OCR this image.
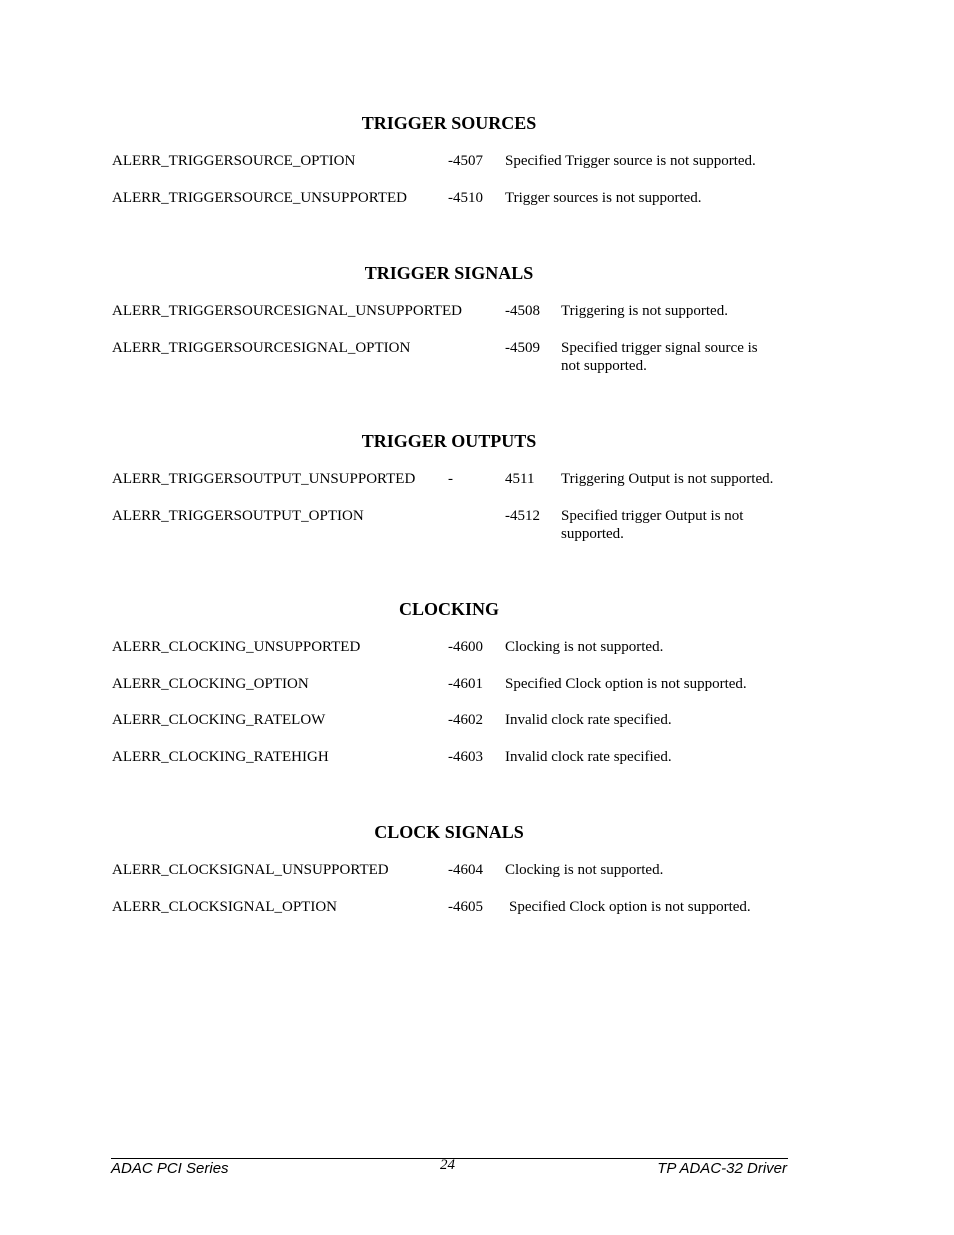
TRIGGER SOURCES
ALERR_TRIGGERSOURCE_OPTION	-4507 Specified Trigger source is not supported.
ALERR_TRIGGERSOURCE_UNSUPPORTED	-4510 Trigger sources is not supported.
TRIGGER SIGNALS
ALERR_TRIGGERSOURCESIGNAL_UNSUPPORTED	-4508 Triggering is not supported.
ALERR_TRIGGERSOURCESIGNAL_OPTION	-4509 Specified trigger signal source is not supported.
TRIGGER OUTPUTS
ALERR_TRIGGERSOUTPUT_UNSUPPORTED -	4511 Triggering Output is not supported.
ALERR_TRIGGERSOUTPUT_OPTION	-4512 Specified trigger Output is not supported.
CLOCKING
ALERR_CLOCKING_UNSUPPORTED	-4600 Clocking is not supported.
ALERR_CLOCKING_OPTION	-4601 Specified Clock option is not supported.
ALERR_CLOCKING_RATELOW	-4602 Invalid clock rate specified.
ALERR_CLOCKING_RATEHIGH	-4603 Invalid clock rate specified.
CLOCK SIGNALS
ALERR_CLOCKSIGNAL_UNSUPPORTED	-4604 Clocking is not supported.
ALERR_CLOCKSIGNAL_OPTION	-4605 Specified Clock option is not supported.
ADAC PCI Series	24	TP ADAC-32 Driver
